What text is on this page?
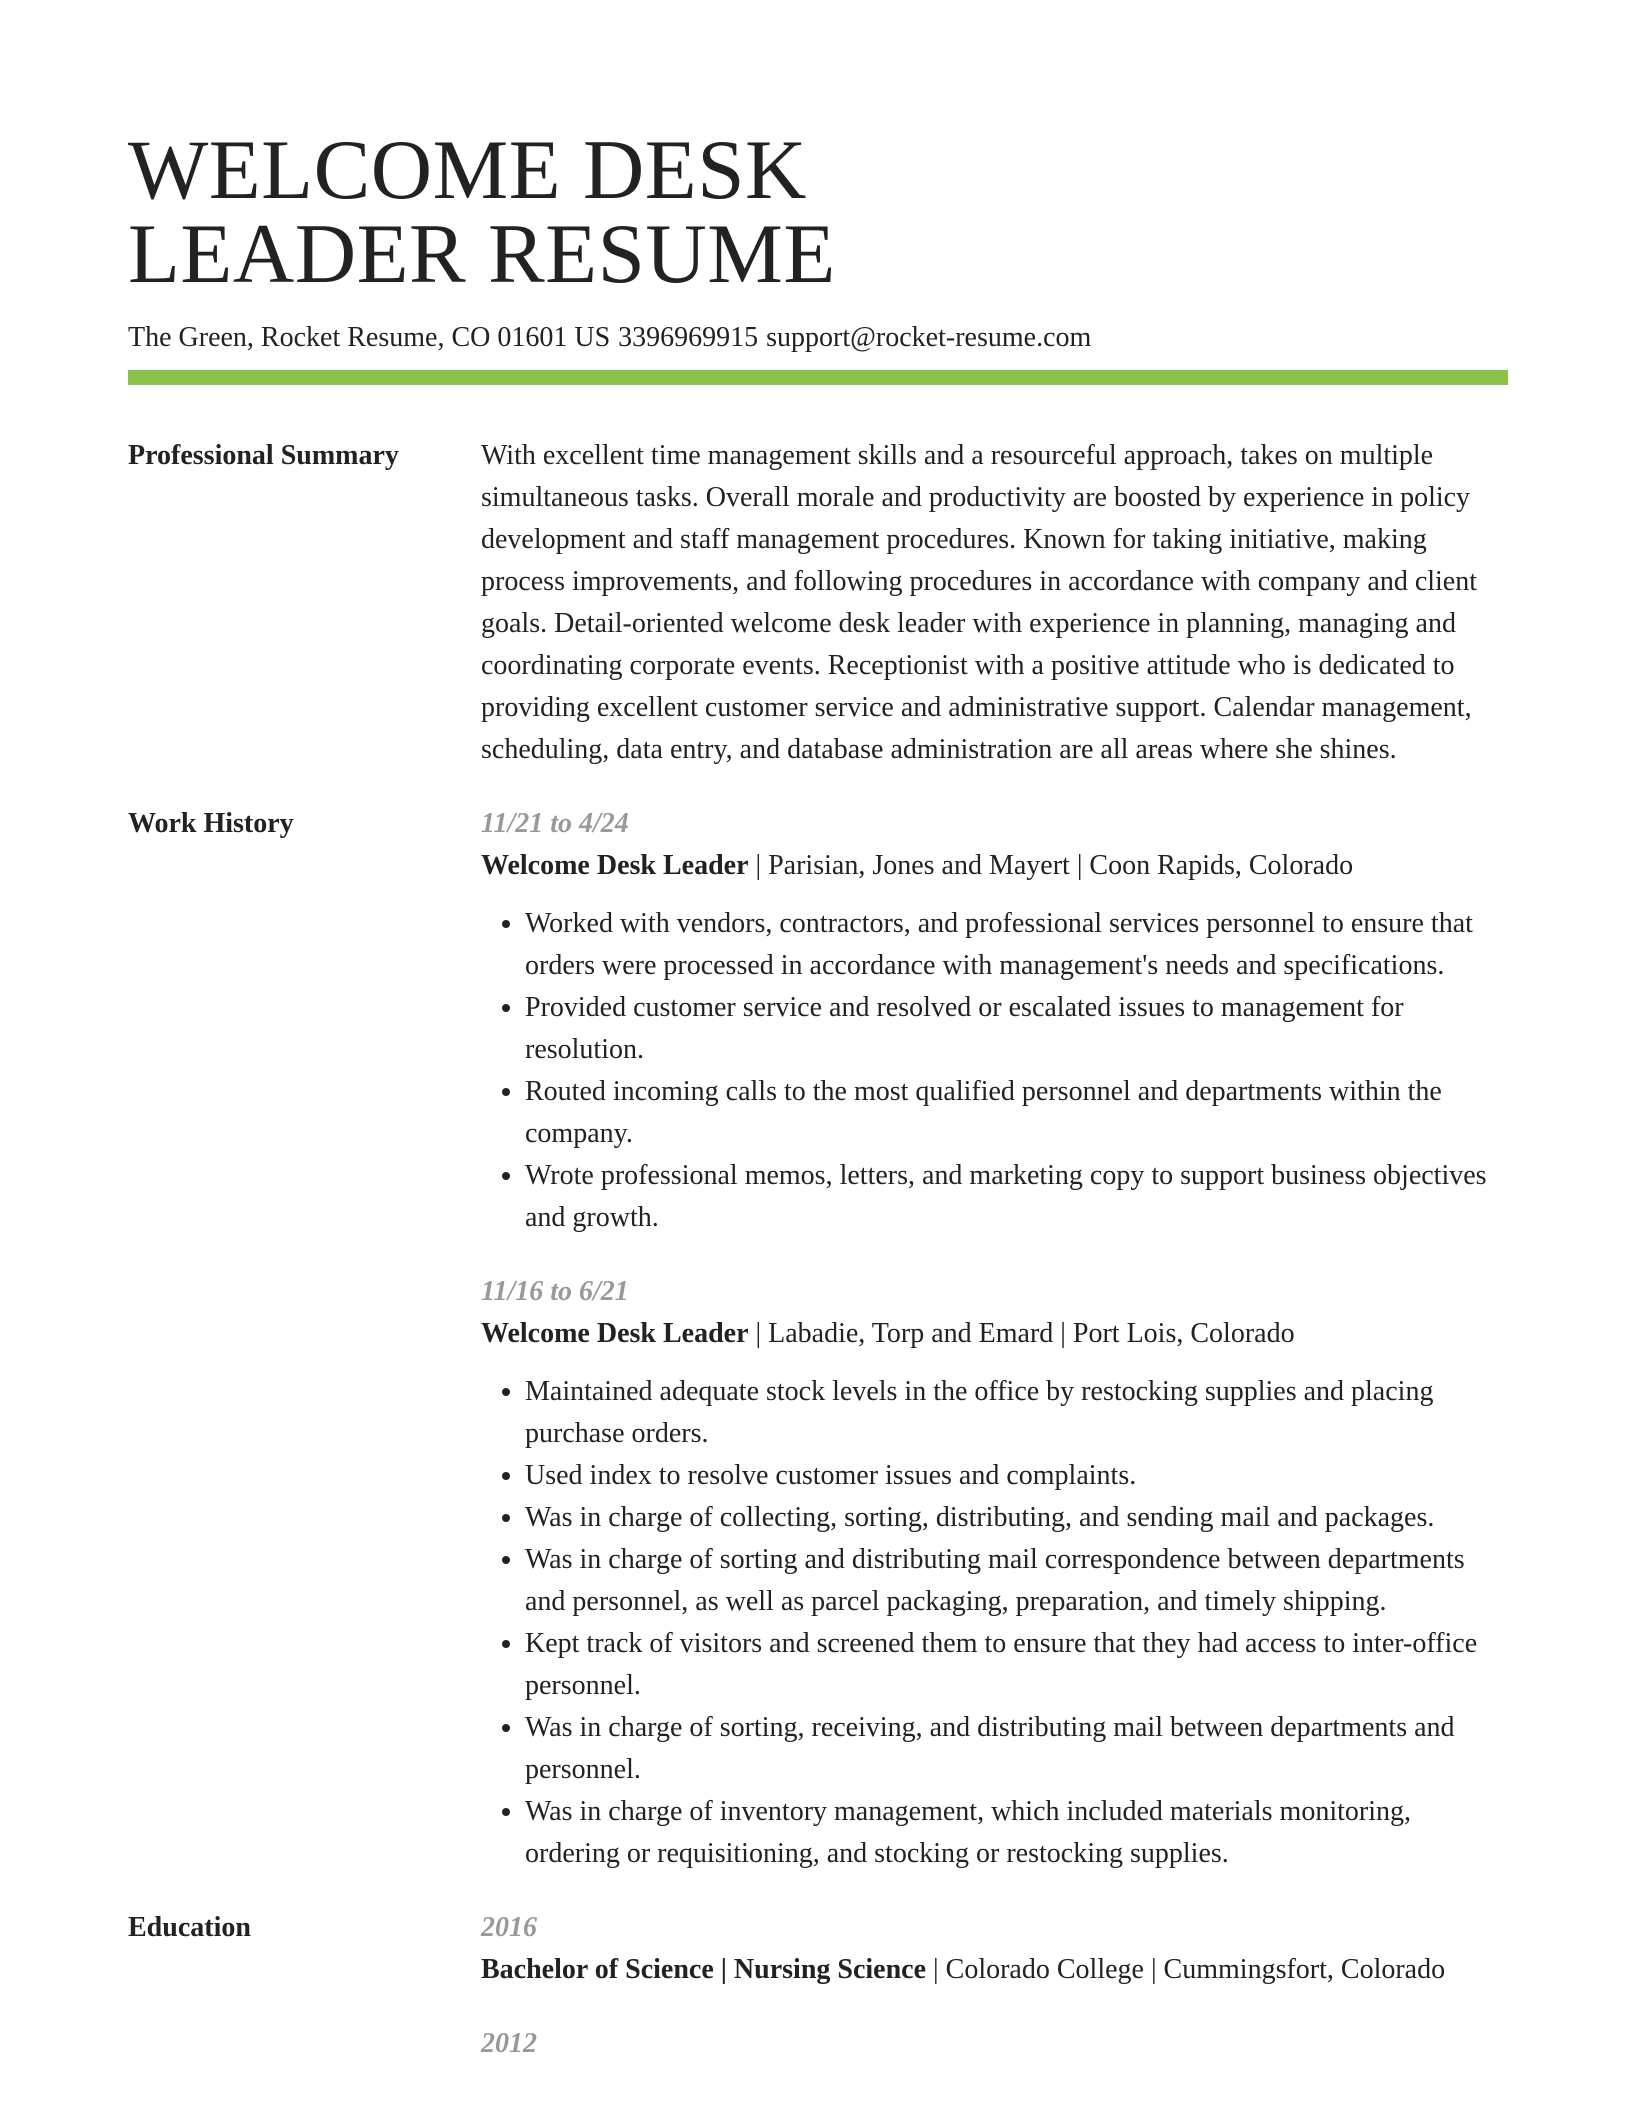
WELCOME DESK
LEADER RESUME
The Green, Rocket Resume, CO 01601 US 3396969915 support@rocket-resume.com
Professional Summary	With excellent time management skills and a resourceful approach, takes on multiple simultaneous tasks. Overall morale and productivity are boosted by experience in policy development and staff management procedures. Known for taking initiative, making process improvements, and following procedures in accordance with company and client goals. Detail-oriented welcome desk leader with experience in planning, managing and coordinating corporate events. Receptionist with a positive attitude who is dedicated to providing excellent customer service and administrative support. Calendar management, scheduling, data entry, and database administration are all areas where she shines.
Work History	11/21 to 4/24
Welcome Desk Leader | Parisian, Jones and Mayert | Coon Rapids, Colorado
• Worked with vendors, contractors, and professional services personnel to ensure that orders were processed in accordance with management's needs and specifications.
• Provided customer service and resolved or escalated issues to management for resolution.
• Routed incoming calls to the most qualified personnel and departments within the company.
• Wrote professional memos, letters, and marketing copy to support business objectives and growth.
11/16 to 6/21
Welcome Desk Leader | Labadie, Torp and Emard | Port Lois, Colorado
• Maintained adequate stock levels in the office by restocking supplies and placing purchase orders.
• Used index to resolve customer issues and complaints.
• Was in charge of collecting, sorting, distributing, and sending mail and packages.
• Was in charge of sorting and distributing mail correspondence between departments and personnel, as well as parcel packaging, preparation, and timely shipping.
• Kept track of visitors and screened them to ensure that they had access to inter-office personnel.
• Was in charge of sorting, receiving, and distributing mail between departments and personnel.
• Was in charge of inventory management, which included materials monitoring, ordering or requisitioning, and stocking or restocking supplies.
Education	2016
Bachelor of Science | Nursing Science | Colorado College | Cummingsfort, Colorado
2012
